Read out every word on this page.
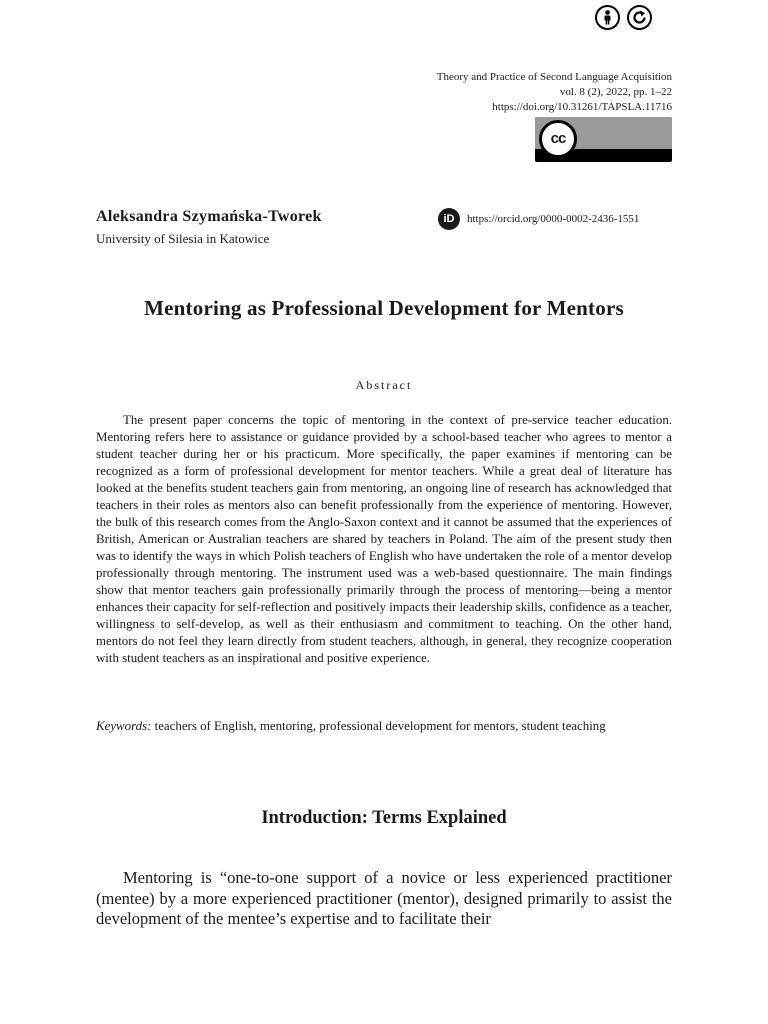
Theory and Practice of Second Language Acquisition
vol. 8 (2), 2022, pp. 1–22
https://doi.org/10.31261/TAPSLA.11716
cc
BY SA
Aleksandra Szymańska-Tworek
University of Silesia in Katowice
iD	https://orcid.org/0000-0002-2436-1551
Mentoring as Professional Development for Mentors
Abstract

The present paper concerns the topic of mentoring in the context of pre-service teacher education. Mentoring refers here to assistance or guidance provided by a school-based teacher who agrees to mentor a student teacher during her or his practicum. More specifically, the paper examines if mentoring can be recognized as a form of professional development for mentor teachers. While a great deal of literature has looked at the benefits student teachers gain from mentoring, an ongoing line of research has acknowledged that teachers in their roles as mentors also can benefit professionally from the experience of mentoring. However, the bulk of this research comes from the Anglo-Saxon context and it cannot be assumed that the experiences of British, American or Australian teachers are shared by teachers in Poland. The aim of the present study then was to identify the ways in which Polish teachers of English who have undertaken the role of a mentor develop professionally through mentoring. The instrument used was a web-based questionnaire. The main findings show that mentor teachers gain professionally primarily through the process of mentoring—being a mentor enhances their capacity for self-reflection and positively impacts their leadership skills, confidence as a teacher, willingness to self-develop, as well as their enthusiasm and commitment to teaching. On the other hand, mentors do not feel they learn directly from student teachers, although, in general, they recognize cooperation with student teachers as an inspirational and positive experience.

Keywords: teachers of English, mentoring, professional development for mentors, student teaching

Introduction: Terms Explained

Mentoring is “one-to-one support of a novice or less experienced practitioner (mentee) by a more experienced practitioner (mentor), designed primarily to assist the development of the mentee’s expertise and to facilitate their
